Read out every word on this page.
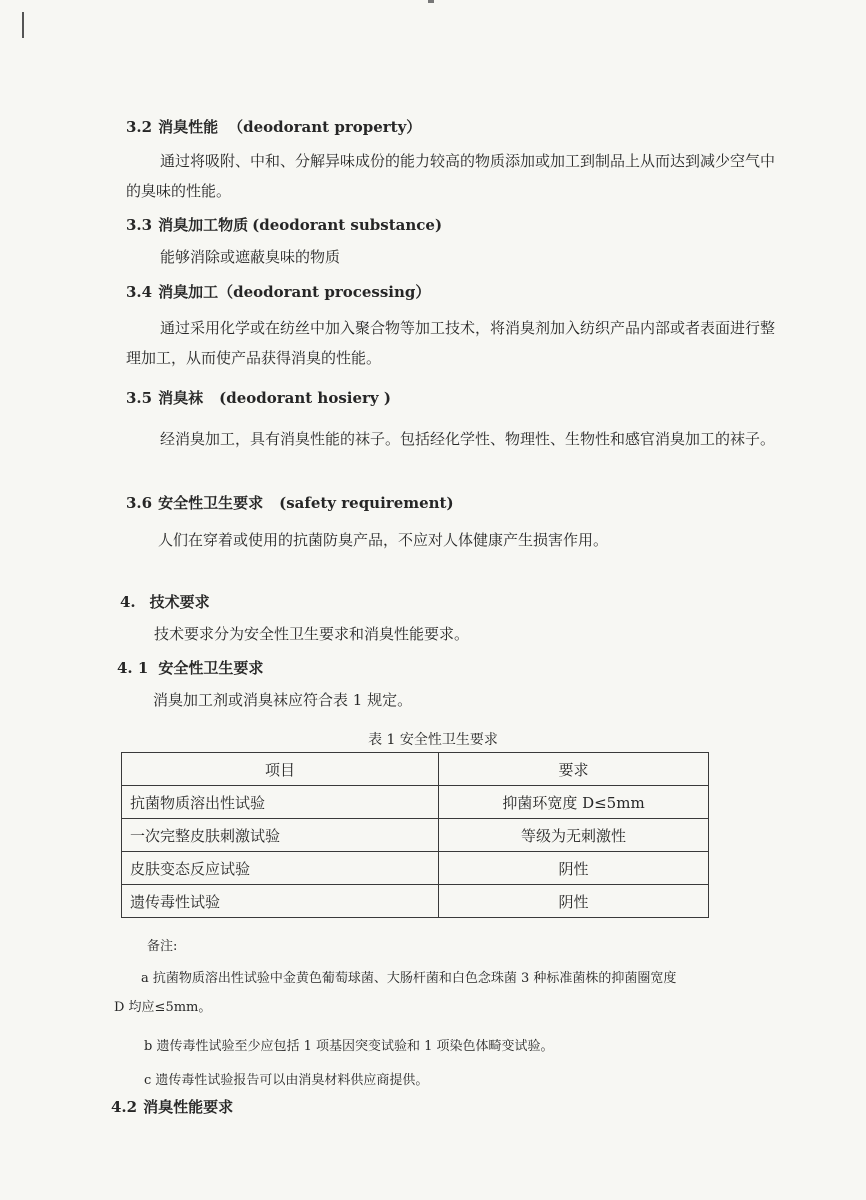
3.2 消臭性能 （deodorant property）
通过将吸附、中和、分解异味成份的能力较高的物质添加或加工到制品上从而达到减少空气中的臭味的性能。
3.3 消臭加工物质 (deodorant substance)
能够消除或遮蔽臭味的物质
3.4 消臭加工（deodorant processing）
通过采用化学或在纺丝中加入聚合物等加工技术，将消臭剂加入纺织产品内部或者表面进行整理加工，从而使产品获得消臭的性能。
3.5 消臭袜 (deodorant hosiery )
经消臭加工，具有消臭性能的袜子。包括经化学性、物理性、生物性和感官消臭加工的袜子。
3.6 安全性卫生要求 (safety requirement)
人们在穿着或使用的抗菌防臭产品，不应对人体健康产生损害作用。
4. 技术要求
技术要求分为安全性卫生要求和消臭性能要求。
4. 1 安全性卫生要求
消臭加工剂或消臭袜应符合表 1 规定。
表 1 安全性卫生要求
项目	要求
抗菌物质溶出性试验	抑菌环宽度 D≤5mm
一次完整皮肤刺激试验	等级为无刺激性
皮肤变态反应试验	阴性
遗传毒性试验	阴性
备注:
a 抗菌物质溶出性试验中金黄色葡萄球菌、大肠杆菌和白色念珠菌 3 种标准菌株的抑菌圈宽度
D 均应≤5mm。
b 遗传毒性试验至少应包括 1 项基因突变试验和 1 项染色体畸变试验。
c 遗传毒性试验报告可以由消臭材料供应商提供。
4.2 消臭性能要求
